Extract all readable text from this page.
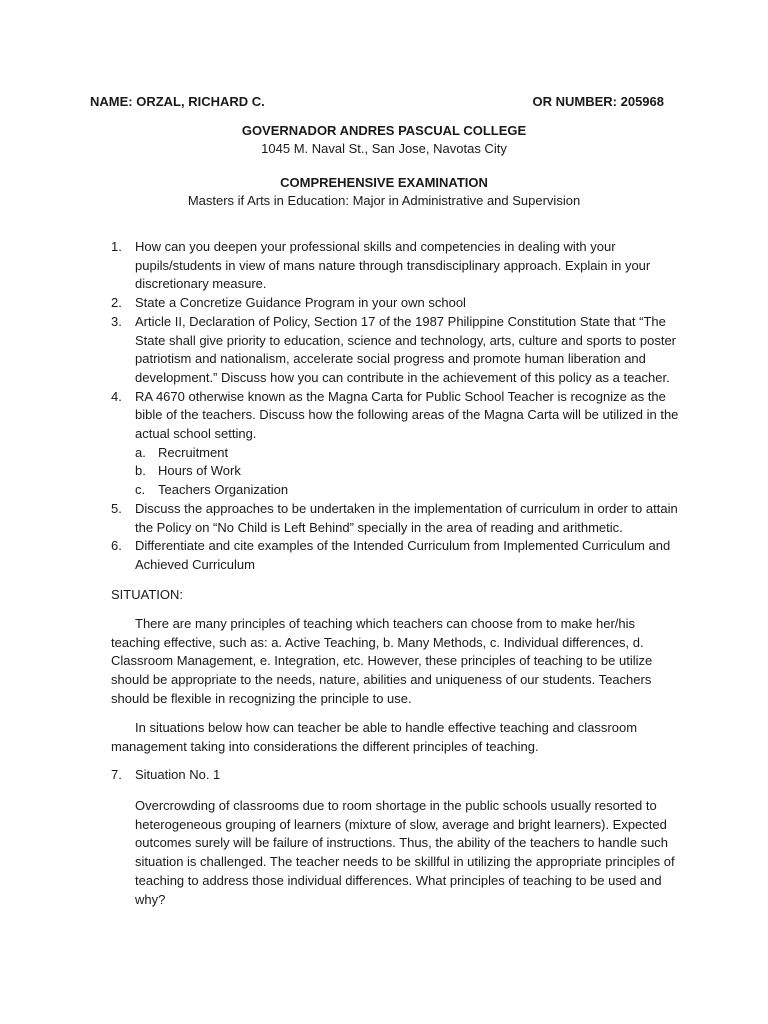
NAME: ORZAL, RICHARD C.	OR NUMBER: 205968
GOVERNADOR ANDRES PASCUAL COLLEGE
1045 M. Naval St., San Jose, Navotas City
COMPREHENSIVE EXAMINATION
Masters if Arts in Education: Major in Administrative and Supervision
1. How can you deepen your professional skills and competencies in dealing with your pupils/students in view of mans nature through transdisciplinary approach. Explain in your discretionary measure.
2. State a Concretize Guidance Program in your own school
3. Article II, Declaration of Policy, Section 17 of the 1987 Philippine Constitution State that “The State shall give priority to education, science and technology, arts, culture and sports to poster patriotism and nationalism, accelerate social progress and promote human liberation and development.” Discuss how you can contribute in the achievement of this policy as a teacher.
4. RA 4670 otherwise known as the Magna Carta for Public School Teacher is recognize as the bible of the teachers. Discuss how the following areas of the Magna Carta will be utilized in the actual school setting.
a. Recruitment
b. Hours of Work
c. Teachers Organization
5. Discuss the approaches to be undertaken in the implementation of curriculum in order to attain the Policy on “No Child is Left Behind” specially in the area of reading and arithmetic.
6. Differentiate and cite examples of the Intended Curriculum from Implemented Curriculum and Achieved Curriculum

SITUATION:

There are many principles of teaching which teachers can choose from to make her/his teaching effective, such as: a. Active Teaching, b. Many Methods, c. Individual differences, d. Classroom Management, e. Integration, etc. However, these principles of teaching to be utilize should be appropriate to the needs, nature, abilities and uniqueness of our students. Teachers should be flexible in recognizing the principle to use.

In situations below how can teacher be able to handle effective teaching and classroom management taking into considerations the different principles of teaching.

7.	Situation No. 1

Overcrowding of classrooms due to room shortage in the public schools usually resorted to heterogeneous grouping of learners (mixture of slow, average and bright learners). Expected outcomes surely will be failure of instructions. Thus, the ability of the teachers to handle such situation is challenged. The teacher needs to be skillful in utilizing the appropriate principles of teaching to address those individual differences. What principles of teaching to be used and why?
